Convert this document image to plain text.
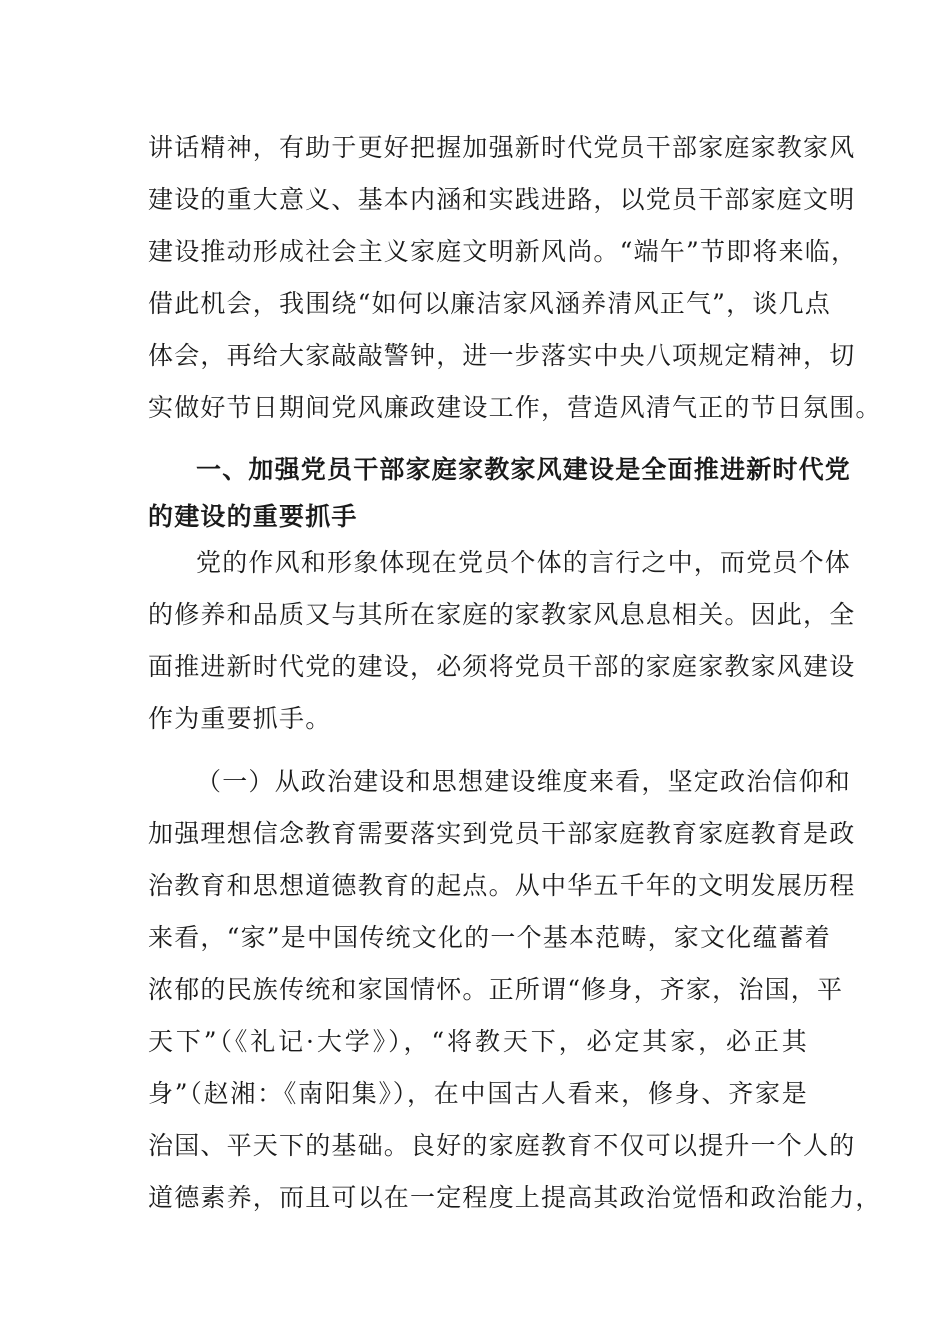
讲话精神，有助于更好把握加强新时代党员干部家庭家教家风
建设的重大意义、基本内涵和实践进路，以党员干部家庭文明
建设推动形成社会主义家庭文明新风尚。“端午”节即将来临，
借此机会，我围绕“如何以廉洁家风涵养清风正气”，谈几点
体会，再给大家敲敲警钟，进一步落实中央八项规定精神，切
实做好节日期间党风廉政建设工作，营造风清气正的节日氛围。
一、加强党员干部家庭家教家风建设是全面推进新时代党
的建设的重要抓手
党的作风和形象体现在党员个体的言行之中，而党员个体
的修养和品质又与其所在家庭的家教家风息息相关。因此，全
面推进新时代党的建设，必须将党员干部的家庭家教家风建设
作为重要抓手。
（一）从政治建设和思想建设维度来看，坚定政治信仰和
加强理想信念教育需要落实到党员干部家庭教育家庭教育是政
治教育和思想道德教育的起点。从中华五千年的文明发展历程
来看，“家”是中国传统文化的一个基本范畴，家文化蕴蓄着
浓郁的民族传统和家国情怀。正所谓“修身，齐家，治国，平
天下”（《礼记·大学》），“将教天下，必定其家，必正其
身”（赵湘：《南阳集》），在中国古人看来，修身、齐家是
治国、平天下的基础。良好的家庭教育不仅可以提升一个人的
道德素养，而且可以在一定程度上提高其政治觉悟和政治能力，
